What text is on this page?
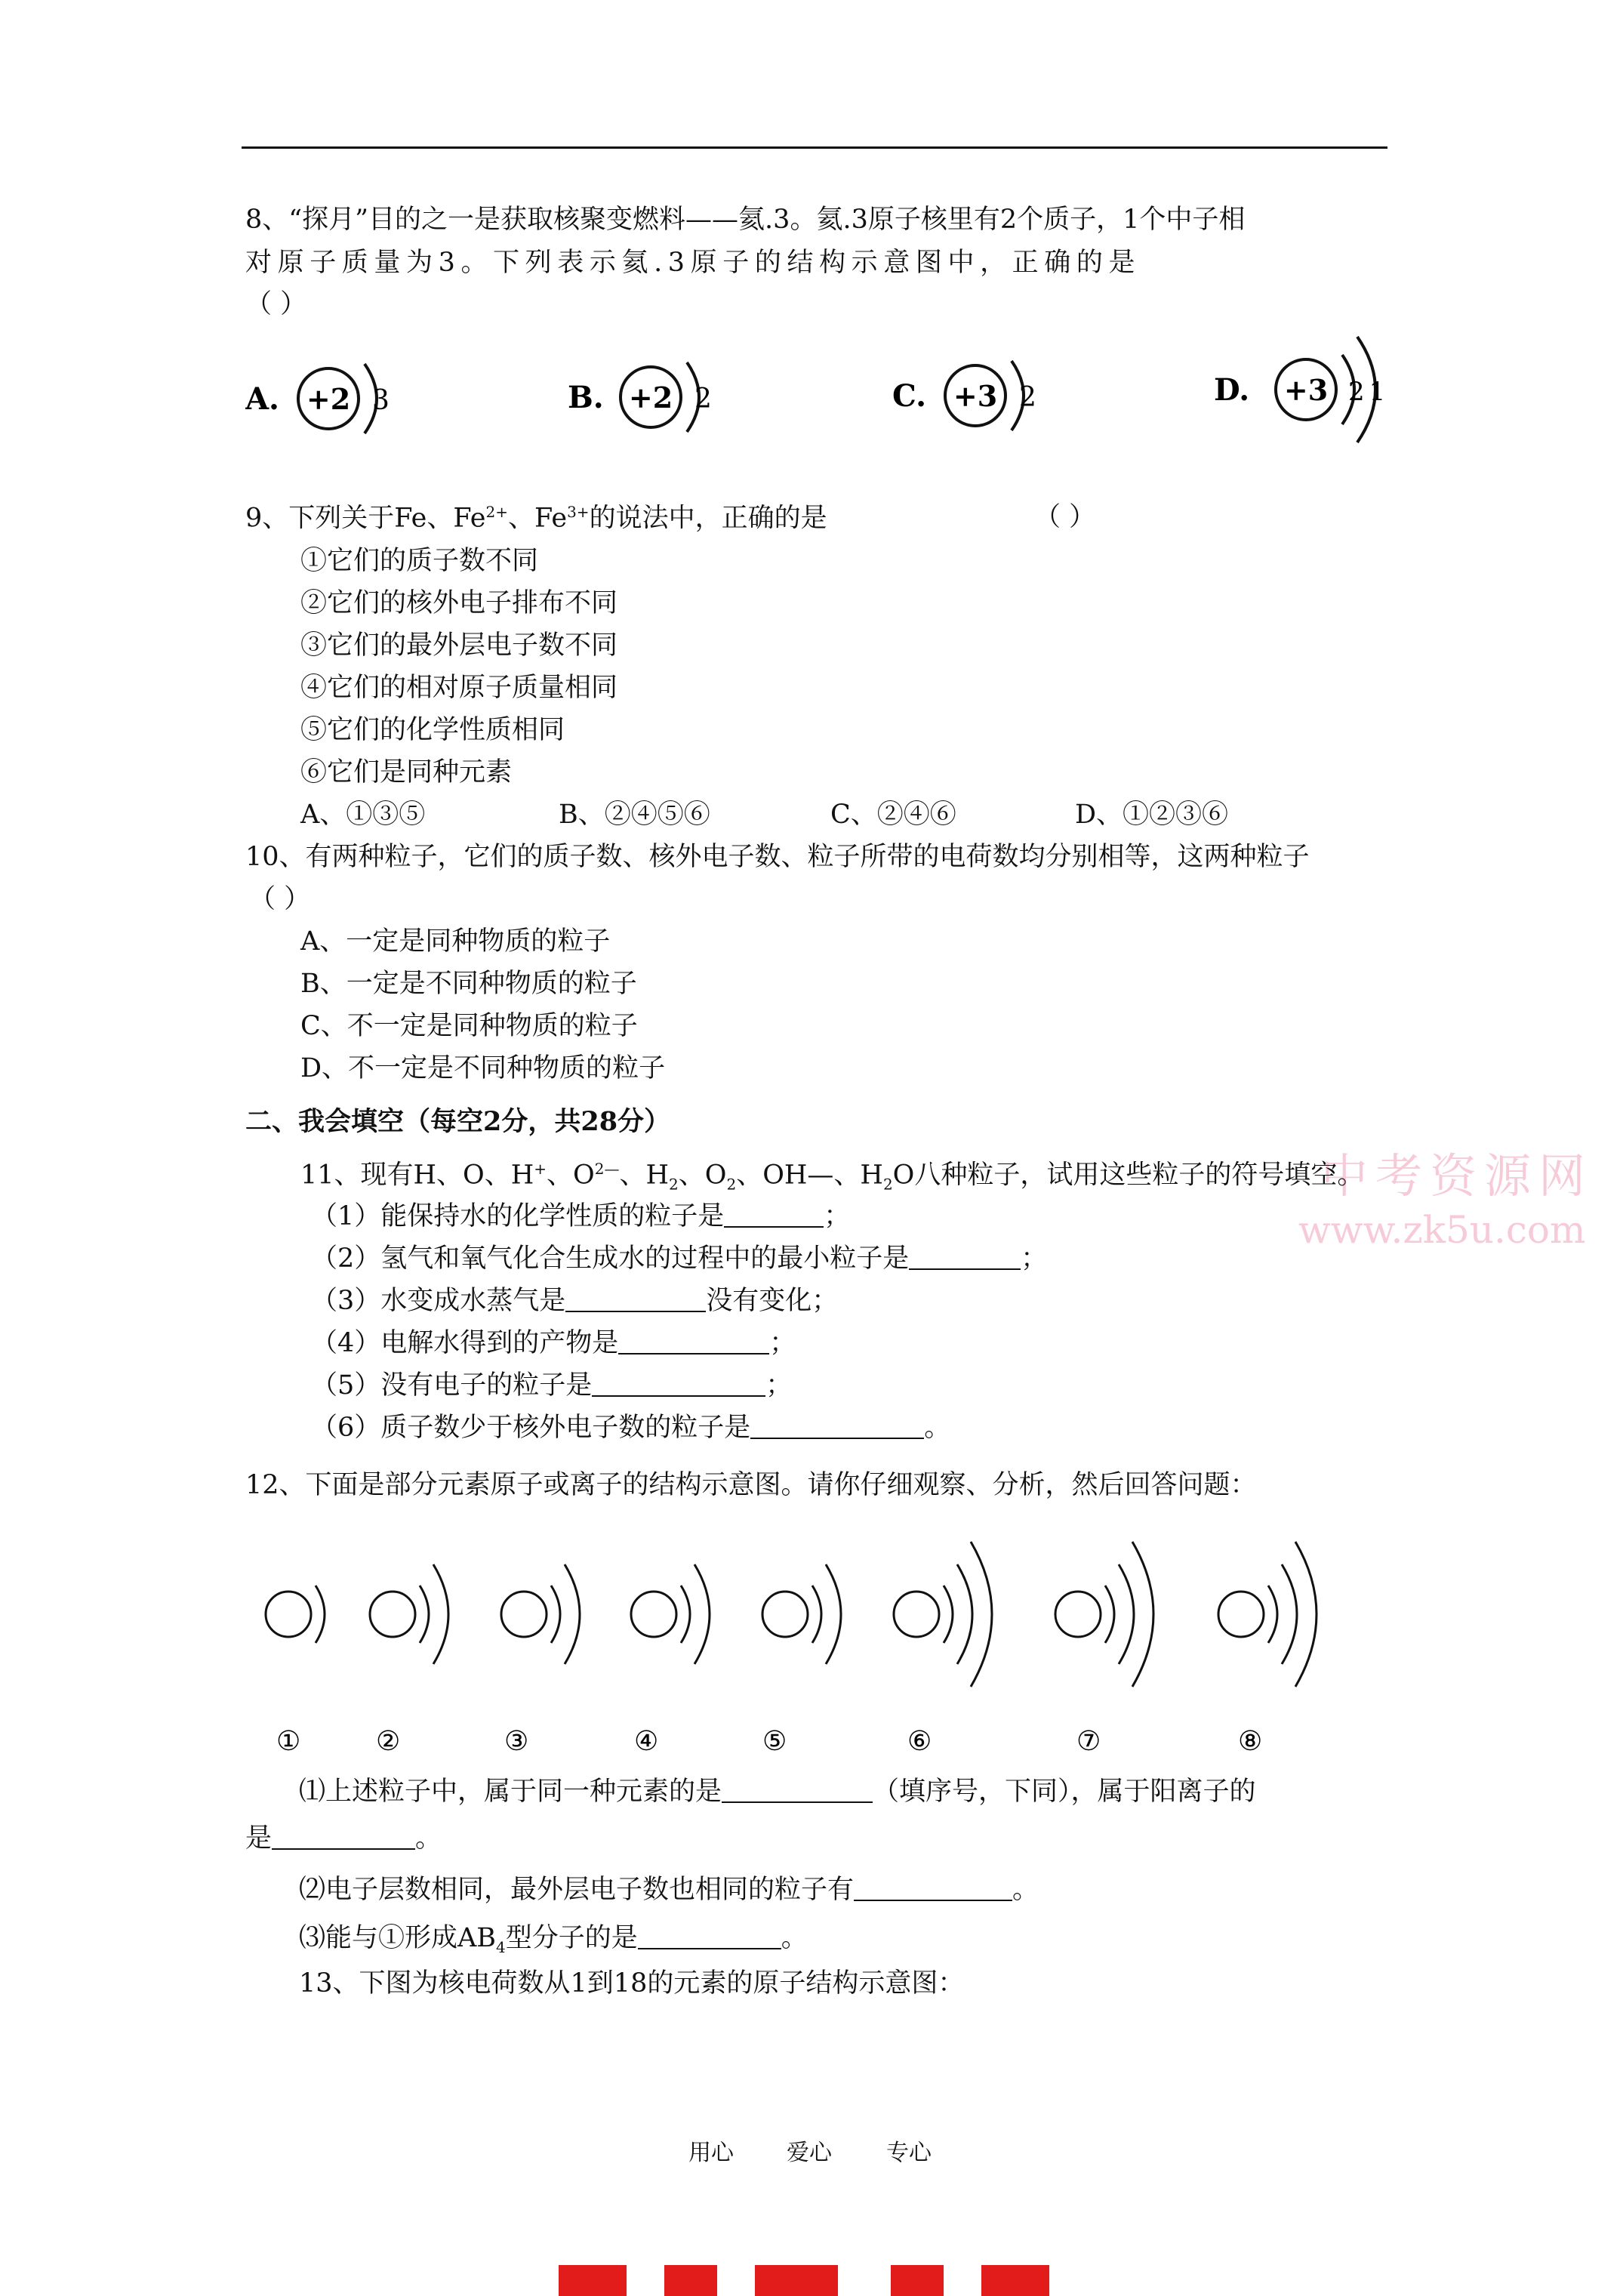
8、“探月”目的之一是获取核聚变燃料——氦.3。氦.3原子核里有2个质子，1个中子相
对原子质量为3。下列表示氦.3原子的结构示意图中，正确的是
（ ）
A. +2 3	B. +2 2	C. +3 2	D. +3 21
9、下列关于Fe、$Fe^{2+}$、$Fe^{3+}$的说法中，正确的是	（ ）
①它们的质子数不同
②它们的核外电子排布不同
③它们的最外层电子数不同
④它们的相对原子质量相同
⑤它们的化学性质相同
⑥它们是同种元素
A、①③⑤	B、②④⑤⑥	C、②④⑥	D、①②③⑥
10、有两种粒子，它们的质子数、核外电子数、粒子所带的电荷数均分别相等，这两种粒子
（ ）
A、一定是同种物质的粒子
B、一定是不同种物质的粒子
C、不一定是同种物质的粒子
D、不一定是不同种物质的粒子
二、我会填空（每空2分，共28分）
中考资源网
www.zk5u.com
11、现有H、O、H+、$O^{2—}$、$H_2$、$O_2$、OH—、$H_2O$八种粒子，试用这些粒子的符号填空。
（1）能保持水的化学性质的粒子是	；
（2）氢气和氧气化合生成水的过程中的最小粒子是	；
（3）水变成水蒸气是	没有变化；
（4）电解水得到的产物是	；
（5）没有电子的粒子是	；
（6）质子数少于核外电子数的粒子是	。
12、下面是部分元素原子或离子的结构示意图。请你仔细观察、分析，然后回答问题：
①	②	③	④	⑤	⑥	⑦	⑧
⑴上述粒子中，属于同一种元素的是	（填序号，下同），属于阳离子的
是	。
⑵电子层数相同，最外层电子数也相同的粒子有	。
⑶能与①形成$AB_4$型分子的是	。
13、下图为核电荷数从1到18的元素的原子结构示意图：
用心 爱心 专心
